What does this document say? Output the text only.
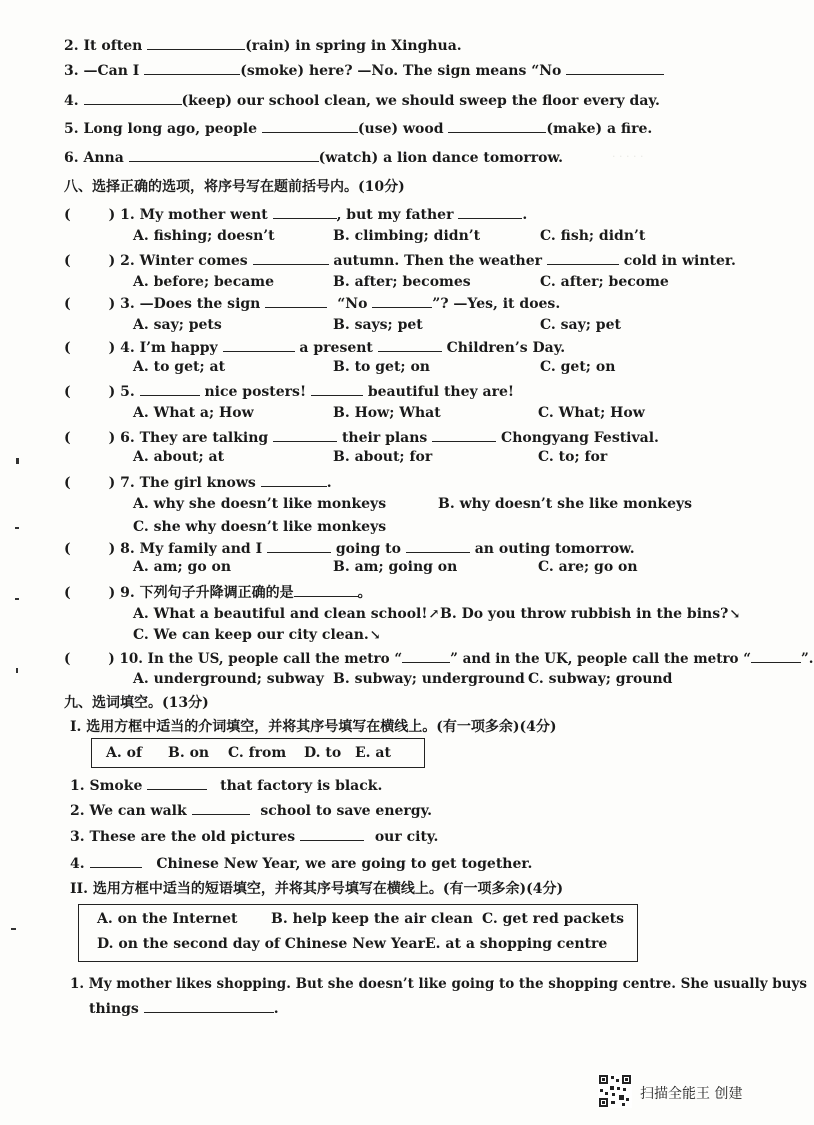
· · · · ·
2. It often	(rain) in spring in Xinghua.
3. —Can I	(smoke) here? —No. The sign means “No
4.	(keep) our school clean, we should sweep the floor every day.
5. Long long ago, people	(use) wood	(make) a fire.
6. Anna	(watch) a lion dance tomorrow.
八、选择正确的选项，将序号写在题前括号内。(10分)
(	) 1. My mother went	, but my father	.
A. fishing; doesn’t	B. climbing; didn’t	C. fish; didn’t
(	) 2. Winter comes	autumn. Then the weather	cold in winter.
A. before; became	B. after; becomes	C. after; become
(	) 3. —Does the sign	“No	”? —Yes, it does.
A. say; pets	B. says; pet	C. say; pet
(	) 4. I’m happy	a present	Children’s Day.
A. to get; at	B. to get; on	C. get; on
(	) 5.	nice posters!	beautiful they are!
A. What a; How	B. How; What	C. What; How
(	) 6. They are talking	their plans	Chongyang Festival.
A. about; at	B. about; for	C. to; for
(	) 7. The girl knows	.
A. why she doesn’t like monkeys	B. why doesn’t she like monkeys
C. she why doesn’t like monkeys
(	) 8. My family and I	going to	an outing tomorrow.
A. am; go on	B. am; going on	C. are; go on
(	) 9. 下列句子升降调正确的是	。
A. What a beautiful and clean school!↗ B. Do you throw rubbish in the bins?↘
C. We can keep our city clean.↘
(	) 10. In the US, people call the metro “	” and in the UK, people call the metro “	”.
A. underground; subway B. subway; underground C. subway; ground
九、选词填空。(13分)
I. 选用方框中适当的介词填空，并将其序号填写在横线上。(有一项多余)(4分)
A. of B. on C. from D. to E. at
1. Smoke	that factory is black.
2. We can walk	school to save energy.
3. These are the old pictures	our city.
4.	Chinese New Year, we are going to get together.
II. 选用方框中适当的短语填空，并将其序号填写在横线上。(有一项多余)(4分)
A. on the Internet B. help keep the air clean C. get red packets
D. on the second day of Chinese New Year E. at a shopping centre
1. My mother likes shopping. But she doesn’t like going to the shopping centre. She usually buys
things	.
扫描全能王 创建
